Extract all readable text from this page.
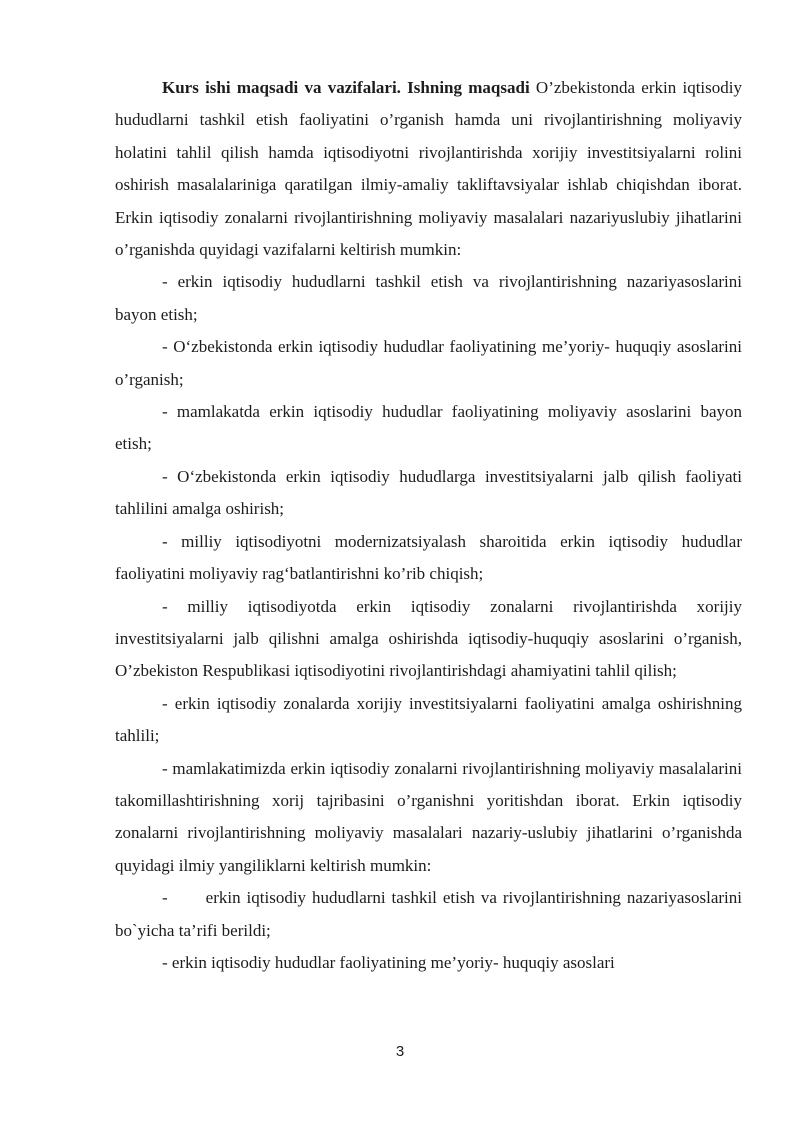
Kurs ishi maqsadi va vazifalari. Ishning maqsadi O’zbekistonda erkin iqtisodiy hududlarni tashkil etish faoliyatini o’rganish hamda uni rivojlantirishning moliyaviy holatini tahlil qilish hamda iqtisodiyotni rivojlantirishda xorijiy investitsiyalarni rolini oshirish masalalariniga qaratilgan ilmiy-amaliy takliftavsiyalar ishlab chiqishdan iborat. Erkin iqtisodiy zonalarni rivojlantirishning moliyaviy masalalari nazariyuslubiy jihatlarini o’rganishda quyidagi vazifalarni keltirish mumkin:

- erkin iqtisodiy hududlarni tashkil etish va rivojlantirishning nazariyasoslarini bayon etish;

- O‘zbekistonda erkin iqtisodiy hududlar faoliyatining me’yoriy- huquqiy asoslarini o’rganish;

- mamlakatda erkin iqtisodiy hududlar faoliyatining moliyaviy asoslarini bayon etish;

- O‘zbekistonda erkin iqtisodiy hududlarga investitsiyalarni jalb qilish faoliyati tahlilini amalga oshirish;

- milliy iqtisodiyotni modernizatsiyalash sharoitida erkin iqtisodiy hududlar faoliyatini moliyaviy rag‘batlantirishni ko’rib chiqish;

- milliy iqtisodiyotda erkin iqtisodiy zonalarni rivojlantirishda xorijiy investitsiyalarni jalb qilishni amalga oshirishda iqtisodiy-huquqiy asoslarini o’rganish, O’zbekiston Respublikasi iqtisodiyotini rivojlantirishdagi ahamiyatini tahlil qilish;

- erkin iqtisodiy zonalarda xorijiy investitsiyalarni faoliyatini amalga oshirishning tahlili;

- mamlakatimizda erkin iqtisodiy zonalarni rivojlantirishning moliyaviy masalalarini takomillashtirishning xorij tajribasini o’rganishni yoritishdan iborat. Erkin iqtisodiy zonalarni rivojlantirishning moliyaviy masalalari nazariy-uslubiy jihatlarini o’rganishda quyidagi ilmiy yangiliklarni keltirish mumkin:

- erkin iqtisodiy hududlarni tashkil etish va rivojlantirishning nazariyasoslarini bo`yicha ta’rifi berildi;

- erkin iqtisodiy hududlar faoliyatining me’yoriy- huquqiy asoslari

3
